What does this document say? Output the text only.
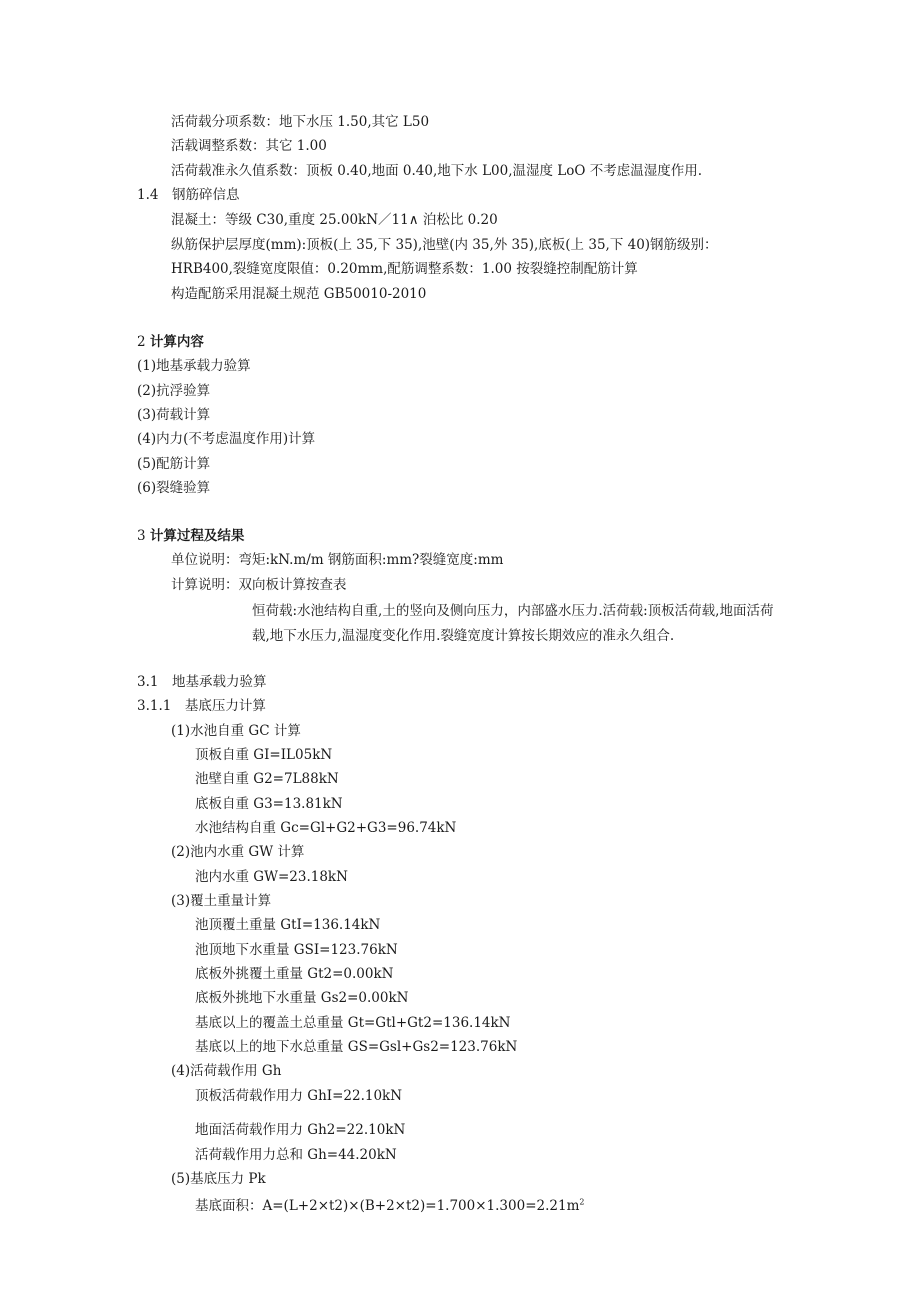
活荷载分项系数：地下水压 1.50,其它 L50
活载调整系数：其它 1.00
活荷载准永久值系数：顶板 0.40,地面 0.40,地下水 L00,温湿度 LoO 不考虑温湿度作用.
1.4　钢筋碎信息
混凝土：等级 C30,重度 25.00kN／11∧ 泊松比 0.20
纵筋保护层厚度(mm):顶板(上 35,下 35),池壁(内 35,外 35),底板(上 35,下 40)钢筋级别：
HRB400,裂缝宽度限值：0.20mm,配筋调整系数：1.00 按裂缝控制配筋计算
构造配筋采用混凝土规范 GB50010-2010
2 计算内容
(1)地基承载力验算
(2)抗浮验算
(3)荷载计算
(4)内力(不考虑温度作用)计算
(5)配筋计算
(6)裂缝验算
3 计算过程及结果
单位说明：弯矩:kN.m/m 钢筋面积:mm?裂缝宽度:mm
计算说明：双向板计算按查表
恒荷载:水池结构自重,土的竖向及侧向压力，内部盛水压力.活荷载:顶板活荷载,地面活荷载,地下水压力,温湿度变化作用.裂缝宽度计算按长期效应的准永久组合.
3.1　地基承载力验算
3.1.1　基底压力计算
(1)水池自重 GC 计算
顶板自重 GI=IL05kN
池壁自重 G2=7L88kN
底板自重 G3=13.81kN
水池结构自重 Gc=Gl+G2+G3=96.74kN
(2)池内水重 GW 计算
池内水重 GW=23.18kN
(3)覆土重量计算
池顶覆土重量 GtI=136.14kN
池顶地下水重量 GSI=123.76kN
底板外挑覆土重量 Gt2=0.00kN
底板外挑地下水重量 Gs2=0.00kN
基底以上的覆盖土总重量 Gt=Gtl+Gt2=136.14kN
基底以上的地下水总重量 GS=Gsl+Gs2=123.76kN
(4)活荷载作用 Gh
顶板活荷载作用力 GhI=22.10kN
地面活荷载作用力 Gh2=22.10kN
活荷载作用力总和 Gh=44.20kN
(5)基底压力 Pk
基底面积：$A=(L+2\times t2)\times(B+2\times t2)=1.700\times 1.300=2.21m^2$
